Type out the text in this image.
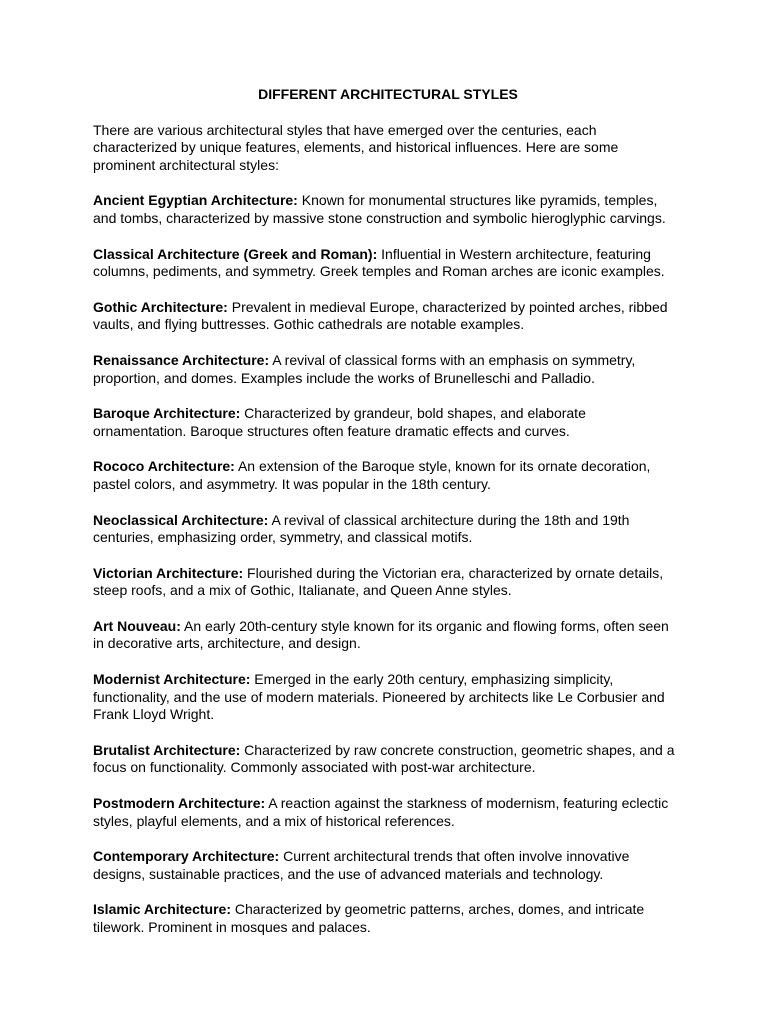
DIFFERENT ARCHITECTURAL STYLES
There are various architectural styles that have emerged over the centuries, each characterized by unique features, elements, and historical influences. Here are some prominent architectural styles:
Ancient Egyptian Architecture: Known for monumental structures like pyramids, temples, and tombs, characterized by massive stone construction and symbolic hieroglyphic carvings.
Classical Architecture (Greek and Roman): Influential in Western architecture, featuring columns, pediments, and symmetry. Greek temples and Roman arches are iconic examples.
Gothic Architecture: Prevalent in medieval Europe, characterized by pointed arches, ribbed vaults, and flying buttresses. Gothic cathedrals are notable examples.
Renaissance Architecture: A revival of classical forms with an emphasis on symmetry, proportion, and domes. Examples include the works of Brunelleschi and Palladio.
Baroque Architecture: Characterized by grandeur, bold shapes, and elaborate ornamentation. Baroque structures often feature dramatic effects and curves.
Rococo Architecture: An extension of the Baroque style, known for its ornate decoration, pastel colors, and asymmetry. It was popular in the 18th century.
Neoclassical Architecture: A revival of classical architecture during the 18th and 19th centuries, emphasizing order, symmetry, and classical motifs.
Victorian Architecture: Flourished during the Victorian era, characterized by ornate details, steep roofs, and a mix of Gothic, Italianate, and Queen Anne styles.
Art Nouveau: An early 20th-century style known for its organic and flowing forms, often seen in decorative arts, architecture, and design.
Modernist Architecture: Emerged in the early 20th century, emphasizing simplicity, functionality, and the use of modern materials. Pioneered by architects like Le Corbusier and Frank Lloyd Wright.
Brutalist Architecture: Characterized by raw concrete construction, geometric shapes, and a focus on functionality. Commonly associated with post-war architecture.
Postmodern Architecture: A reaction against the starkness of modernism, featuring eclectic styles, playful elements, and a mix of historical references.
Contemporary Architecture: Current architectural trends that often involve innovative designs, sustainable practices, and the use of advanced materials and technology.
Islamic Architecture: Characterized by geometric patterns, arches, domes, and intricate tilework. Prominent in mosques and palaces.
